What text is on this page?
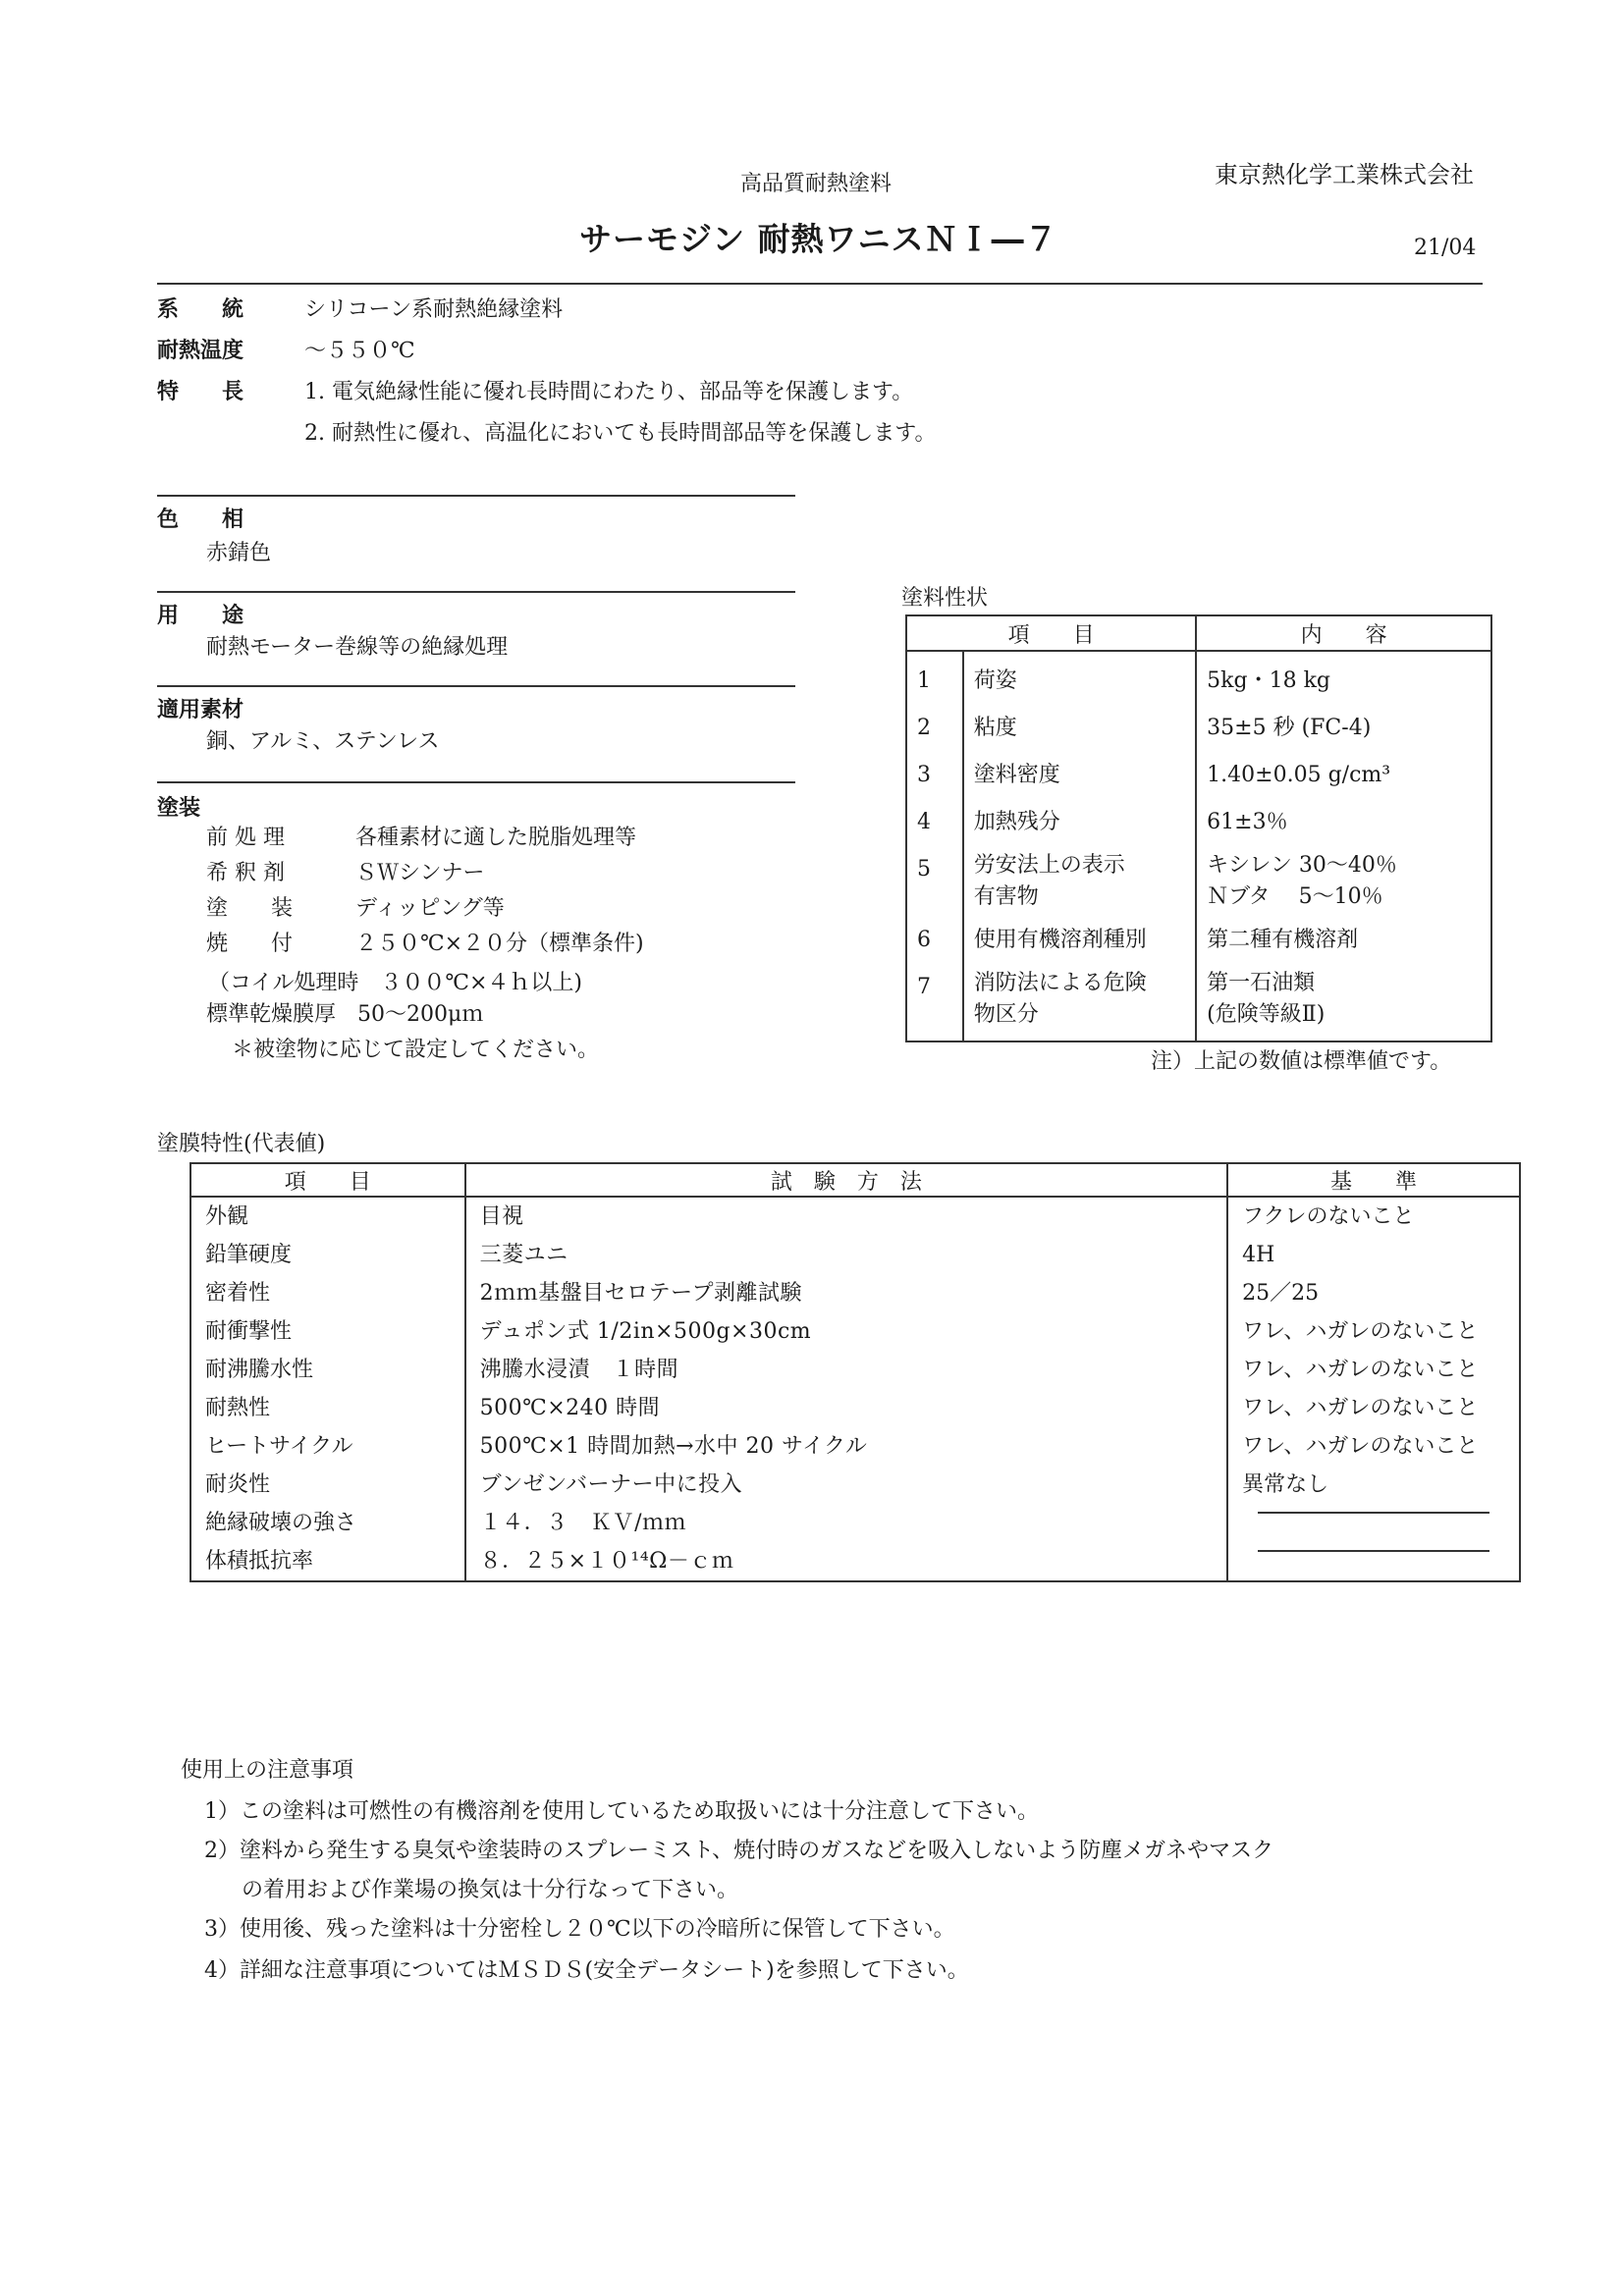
高品質耐熱塗料	東京熱化学工業株式会社
サーモジン 耐熱ワニスＮＩ―７	21/04
系　　統	シリコーン系耐熱絶縁塗料
耐熱温度	～５５０℃
特　　長	1. 電気絶縁性能に優れ長時間にわたり、部品等を保護します。
2. 耐熱性に優れ、高温化においても長時間部品等を保護します。
色　　相
赤錆色
用　　途
耐熱モーター巻線等の絶縁処理
適用素材
銅、アルミ、ステンレス
塗装
前 処 理	各種素材に適した脱脂処理等
希 釈 剤	ＳＷシンナー
塗　　装	ディッピング等
焼　　付	２５０℃×２０分（標準条件)
（コイル処理時　３００℃×４ｈ以上)
標準乾燥膜厚　50～200μｍ
＊被塗物に応じて設定してください。
塗料性状
項　　目		内　　容
1	荷姿	5kg・18 kg
2	粘度	35±5 秒 (FC-4)
3	塗料密度	1.40±0.05 g/cm³
4	加熱残分	61±3％
5	労安法上の表示
有害物	キシレン 30～40％
Ｎブタ　 5～10％
6	使用有機溶剤種別	第二種有機溶剤
7	消防法による危険
物区分	第一石油類
(危険等級Ⅱ)
注）上記の数値は標準値です。
塗膜特性(代表値)
項　　目	試　験　方　法	基　　準
外観	目視	フクレのないこと
鉛筆硬度	三菱ユニ	4H
密着性	2ｍｍ基盤目セロテープ剥離試験	25／25
耐衝撃性	デュポン式 1/2in×500g×30cm	ワレ、ハガレのないこと
耐沸騰水性	沸騰水浸漬　１時間	ワレ、ハガレのないこと
耐熱性	500℃×240 時間	ワレ、ハガレのないこと
ヒートサイクル	500℃×1 時間加熱→水中 20 サイクル	ワレ、ハガレのないこと
耐炎性	ブンゼンバーナー中に投入	異常なし
絶縁破壊の強さ	１４．３　ＫＶ/ｍｍ	

体積抵抗率	８．２５×１０¹⁴Ω－ｃｍ	
使用上の注意事項
1）この塗料は可燃性の有機溶剤を使用しているため取扱いには十分注意して下さい。
2）塗料から発生する臭気や塗装時のスプレーミスト、焼付時のガスなどを吸入しないよう防塵メガネやマスク
の着用および作業場の換気は十分行なって下さい。
3）使用後、残った塗料は十分密栓し２０℃以下の冷暗所に保管して下さい。
4）詳細な注意事項についてはＭＳＤＳ(安全データシート)を参照して下さい。
